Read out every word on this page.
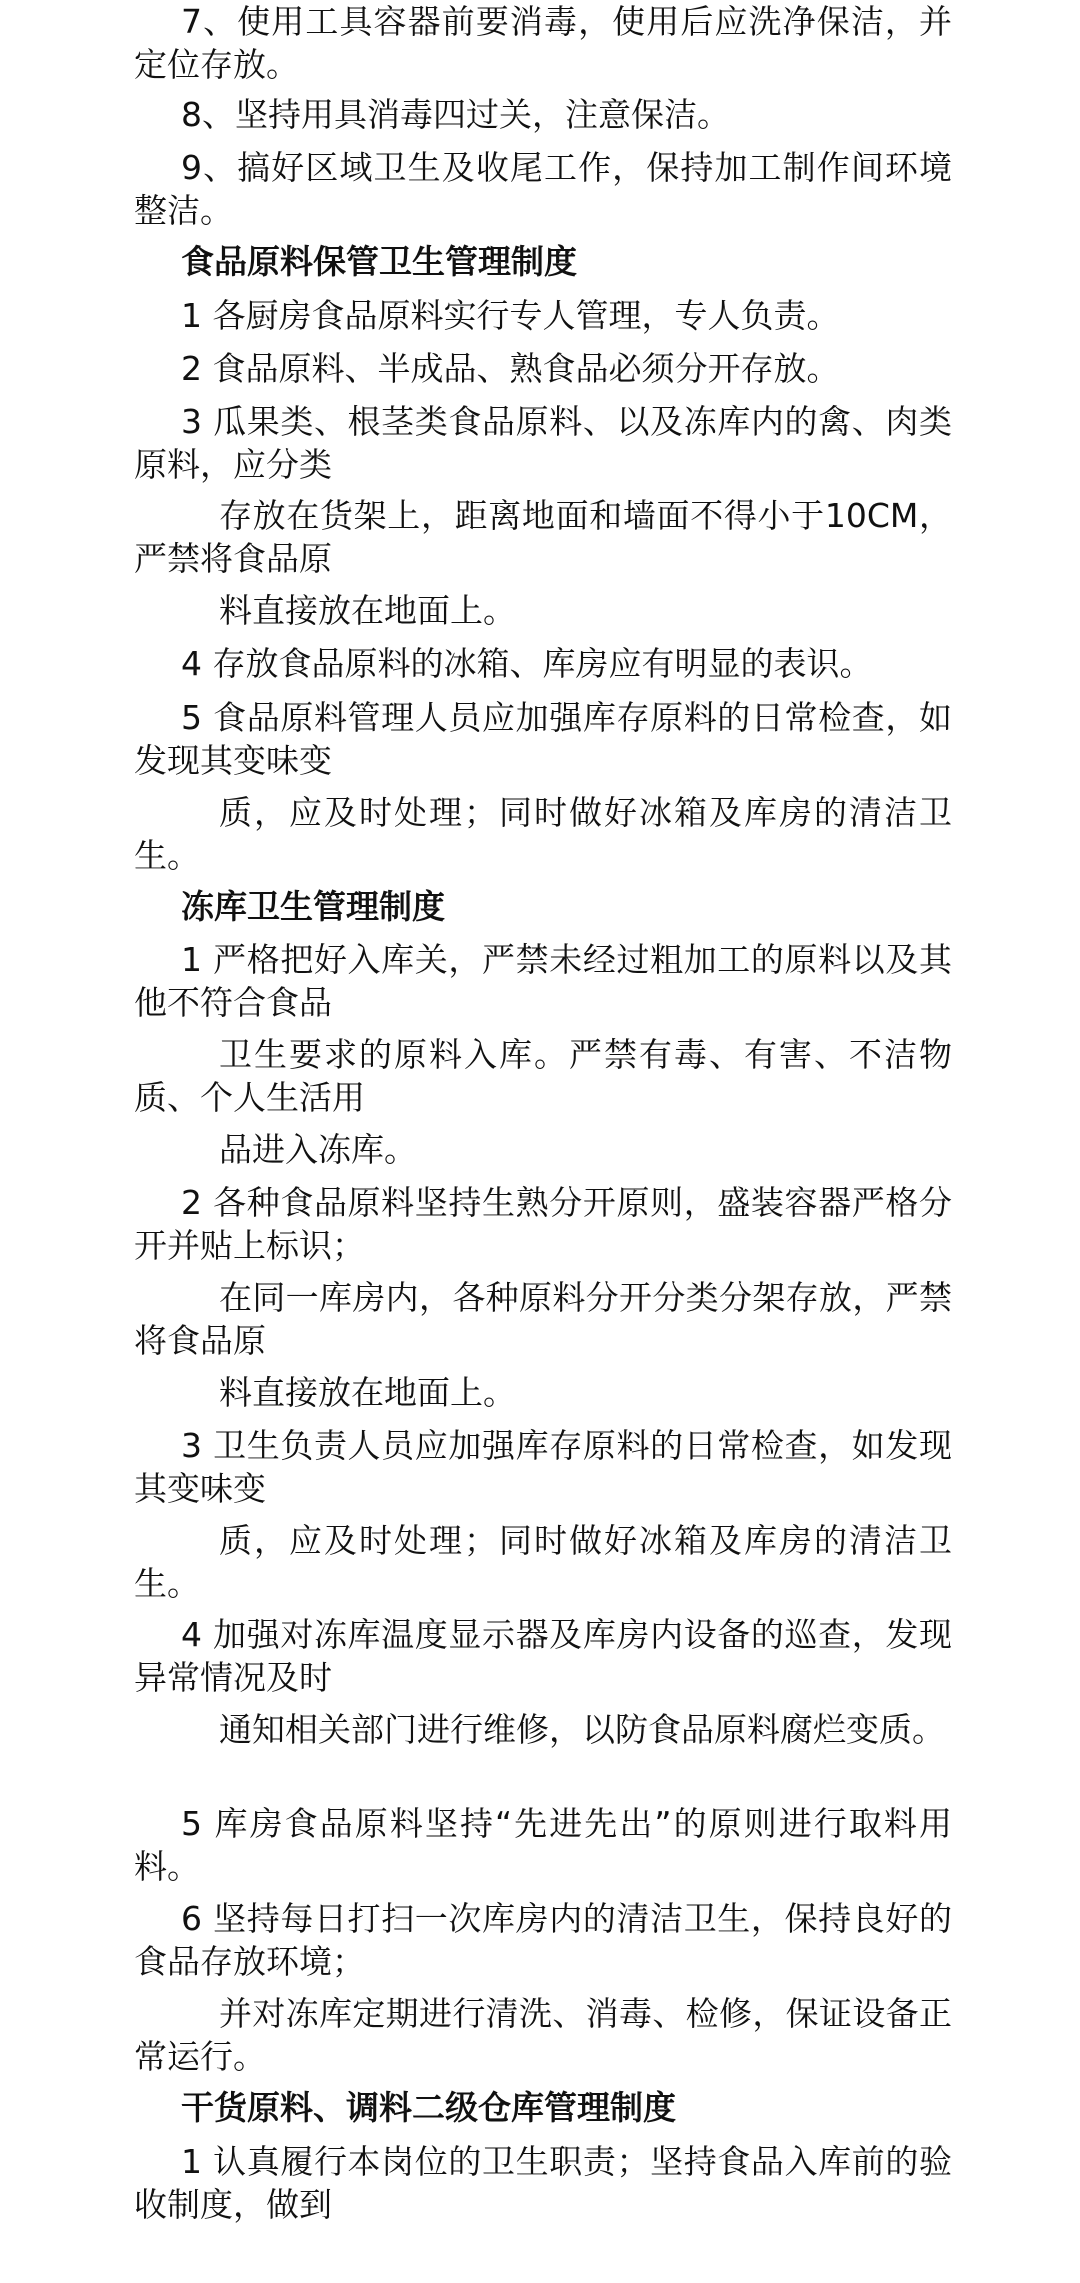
7、使用工具容器前要消毒，使用后应洗净保洁，并定位存放。

8、坚持用具消毒四过关，注意保洁。

9、搞好区域卫生及收尾工作，保持加工制作间环境整洁。

食品原料保管卫生管理制度

1 各厨房食品原料实行专人管理，专人负责。

2 食品原料、半成品、熟食品必须分开存放。

3 瓜果类、根茎类食品原料、以及冻库内的禽、肉类原料，应分类

存放在货架上，距离地面和墙面不得小于10CM，严禁将食品原

料直接放在地面上。

4 存放食品原料的冰箱、库房应有明显的表识。

5 食品原料管理人员应加强库存原料的日常检查，如发现其变味变

质，应及时处理；同时做好冰箱及库房的清洁卫生。

冻库卫生管理制度

1 严格把好入库关，严禁未经过粗加工的原料以及其他不符合食品

卫生要求的原料入库。严禁有毒、有害、不洁物质、个人生活用

品进入冻库。

2 各种食品原料坚持生熟分开原则，盛装容器严格分开并贴上标识；

在同一库房内，各种原料分开分类分架存放，严禁将食品原

料直接放在地面上。

3 卫生负责人员应加强库存原料的日常检查，如发现其变味变

质，应及时处理；同时做好冰箱及库房的清洁卫生。

4 加强对冻库温度显示器及库房内设备的巡查，发现异常情况及时

通知相关部门进行维修，以防食品原料腐烂变质。

5 库房食品原料坚持“先进先出”的原则进行取料用料。

6 坚持每日打扫一次库房内的清洁卫生，保持良好的食品存放环境；

并对冻库定期进行清洗、消毒、检修，保证设备正常运行。

干货原料、调料二级仓库管理制度

1 认真履行本岗位的卫生职责；坚持食品入库前的验收制度，做到
